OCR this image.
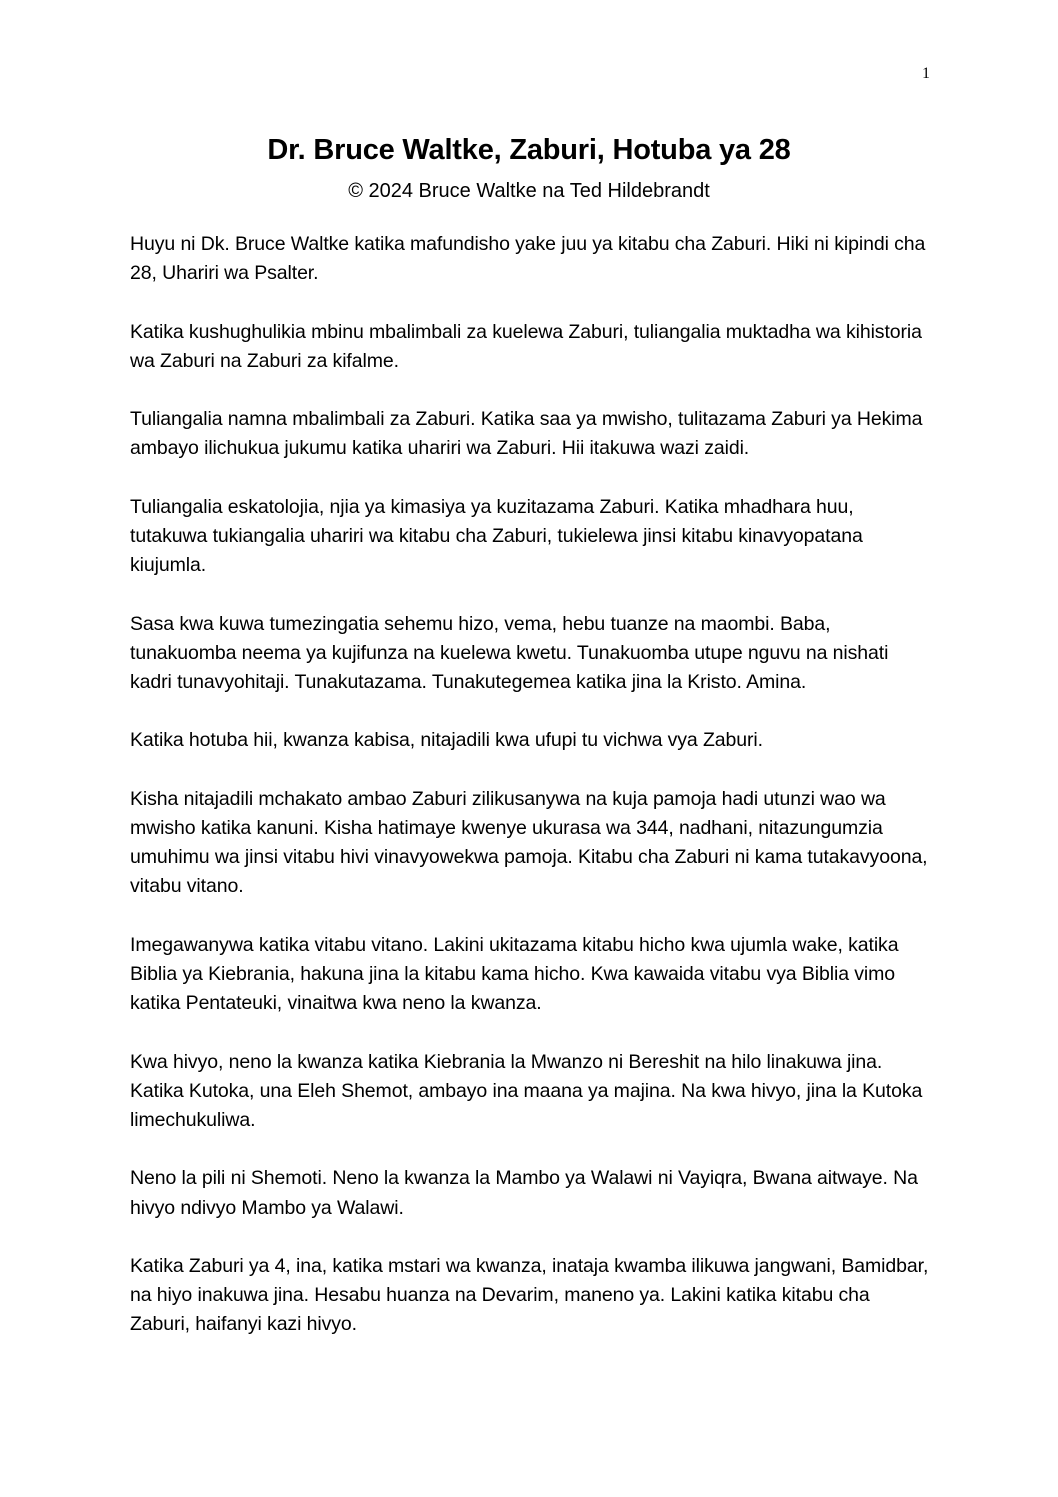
1
Dr. Bruce Waltke, Zaburi, Hotuba ya 28
© 2024 Bruce Waltke na Ted Hildebrandt

Huyu ni Dk. Bruce Waltke katika mafundisho yake juu ya kitabu cha Zaburi. Hiki ni kipindi cha 28, Uhariri wa Psalter.

Katika kushughulikia mbinu mbalimbali za kuelewa Zaburi, tuliangalia muktadha wa kihistoria wa Zaburi na Zaburi za kifalme.

Tuliangalia namna mbalimbali za Zaburi. Katika saa ya mwisho, tulitazama Zaburi ya Hekima ambayo ilichukua jukumu katika uhariri wa Zaburi. Hii itakuwa wazi zaidi.

Tuliangalia eskatolojia, njia ya kimasiya ya kuzitazama Zaburi. Katika mhadhara huu, tutakuwa tukiangalia uhariri wa kitabu cha Zaburi, tukielewa jinsi kitabu kinavyopatana kiujumla.

Sasa kwa kuwa tumezingatia sehemu hizo, vema, hebu tuanze na maombi. Baba, tunakuomba neema ya kujifunza na kuelewa kwetu. Tunakuomba utupe nguvu na nishati kadri tunavyohitaji. Tunakutazama. Tunakutegemea katika jina la Kristo. Amina.

Katika hotuba hii, kwanza kabisa, nitajadili kwa ufupi tu vichwa vya Zaburi.

Kisha nitajadili mchakato ambao Zaburi zilikusanywa na kuja pamoja hadi utunzi wao wa mwisho katika kanuni. Kisha hatimaye kwenye ukurasa wa 344, nadhani, nitazungumzia umuhimu wa jinsi vitabu hivi vinavyowekwa pamoja. Kitabu cha Zaburi ni kama tutakavyoona, vitabu vitano.

Imegawanywa katika vitabu vitano. Lakini ukitazama kitabu hicho kwa ujumla wake, katika Biblia ya Kiebrania, hakuna jina la kitabu kama hicho. Kwa kawaida vitabu vya Biblia vimo katika Pentateuki, vinaitwa kwa neno la kwanza.

Kwa hivyo, neno la kwanza katika Kiebrania la Mwanzo ni Bereshit na hilo linakuwa jina. Katika Kutoka, una Eleh Shemot, ambayo ina maana ya majina. Na kwa hivyo, jina la Kutoka limechukuliwa.

Neno la pili ni Shemoti. Neno la kwanza la Mambo ya Walawi ni Vayiqra, Bwana aitwaye. Na hivyo ndivyo Mambo ya Walawi.

Katika Zaburi ya 4, ina, katika mstari wa kwanza, inataja kwamba ilikuwa jangwani, Bamidbar, na hiyo inakuwa jina. Hesabu huanza na Devarim, maneno ya. Lakini katika kitabu cha Zaburi, haifanyi kazi hivyo.
